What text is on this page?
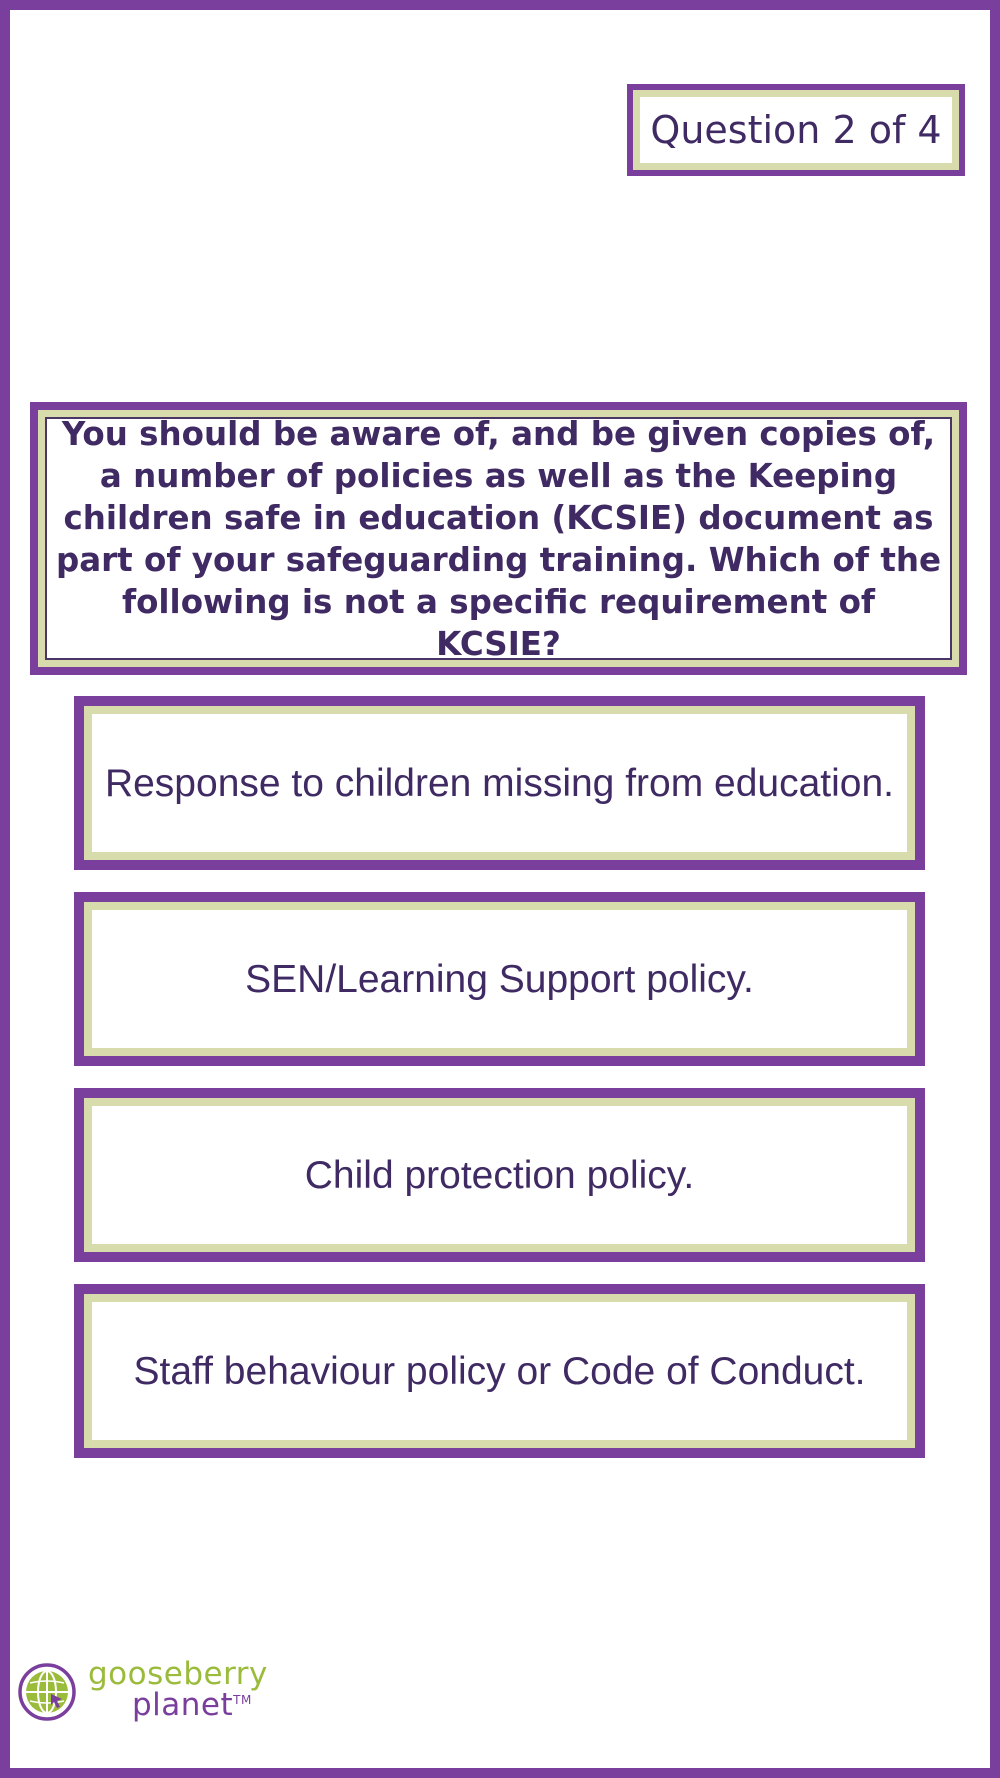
Question 2 of 4

You should be aware of, and be given copies of, a number of policies as well as the Keeping children safe in education (KCSIE) document as part of your safeguarding training. Which of the following is not a specific requirement of KCSIE?

Response to children missing from education.
SEN/Learning Support policy.
Child protection policy.
Staff behaviour policy or Code of Conduct.
gooseberry
planet™
